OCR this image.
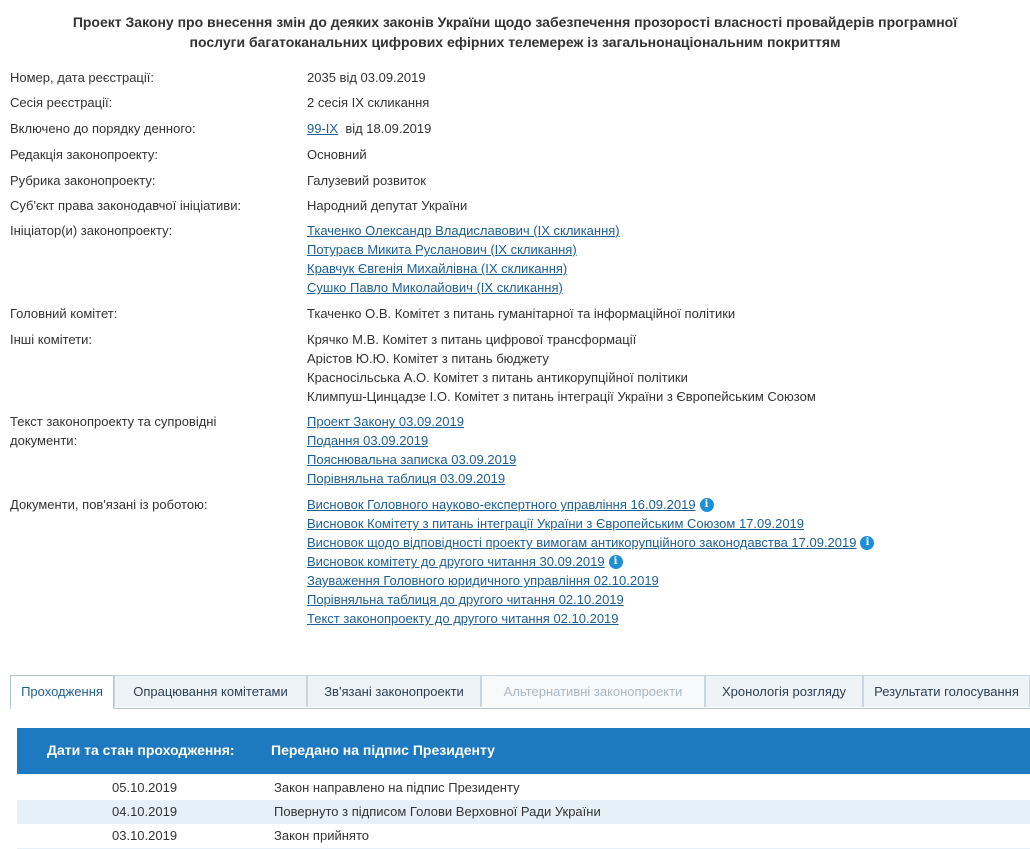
Проект Закону про внесення змін до деяких законів України щодо забезпечення прозорості власності провайдерів програмної
послуги багатоканальних цифрових ефірних телемереж із загальнонаціональним покриттям
Номер, дата реєстрації:	2035 від 03.09.2019
Сесія реєстрації:	2 сесія IX скликання
Включено до порядку денного:	99-IX від 18.09.2019
Редакція законопроекту:	Основний
Рубрика законопроекту:	Галузевий розвиток
Суб'єкт права законодавчої ініціативи:	Народний депутат України
Ініціатор(и) законопроекту:	Ткаченко Олександр Владиславович (IX скликання)
Потураєв Микита Русланович (IX скликання)
Кравчук Євгенія Михайлівна (IX скликання)
Сушко Павло Миколайович (IX скликання)
Головний комітет:	Ткаченко О.В. Комітет з питань гуманітарної та інформаційної політики
Інші комітети:	Крячко М.В. Комітет з питань цифрової трансформації
Арістов Ю.Ю. Комітет з питань бюджету
Красносільська А.О. Комітет з питань антикорупційної політики
Климпуш-Цинцадзе І.О. Комітет з питань інтеграції України з Європейським Союзом
Текст законопроекту та супровідні
документи:
Проект Закону 03.09.2019
Подання 03.09.2019
Пояснювальна записка 03.09.2019
Порівняльна таблиця 03.09.2019
Документи, пов'язані із роботою:	Висновок Головного науково-експертного управління 16.09.2019 i
Висновок Комітету з питань інтеграції України з Європейським Союзом 17.09.2019
Висновок щодо відповідності проекту вимогам антикорупційного законодавства 17.09.2019 i
Висновок комітету до другого читання 30.09.2019 i
Зауваження Головного юридичного управління 02.10.2019
Порівняльна таблиця до другого читання 02.10.2019
Текст законопроекту до другого читання 02.10.2019
Проходження	Опрацювання комітетами	Зв'язані законопроекти	Альтернативні законопроекти	Хронологія розгляду	Результати голосування
Дати та стан проходження:	Передано на підпис Президенту
05.10.2019	Закон направлено на підпис Президенту
04.10.2019	Повернуто з підписом Голови Верховної Ради України
03.10.2019	Закон прийнято
